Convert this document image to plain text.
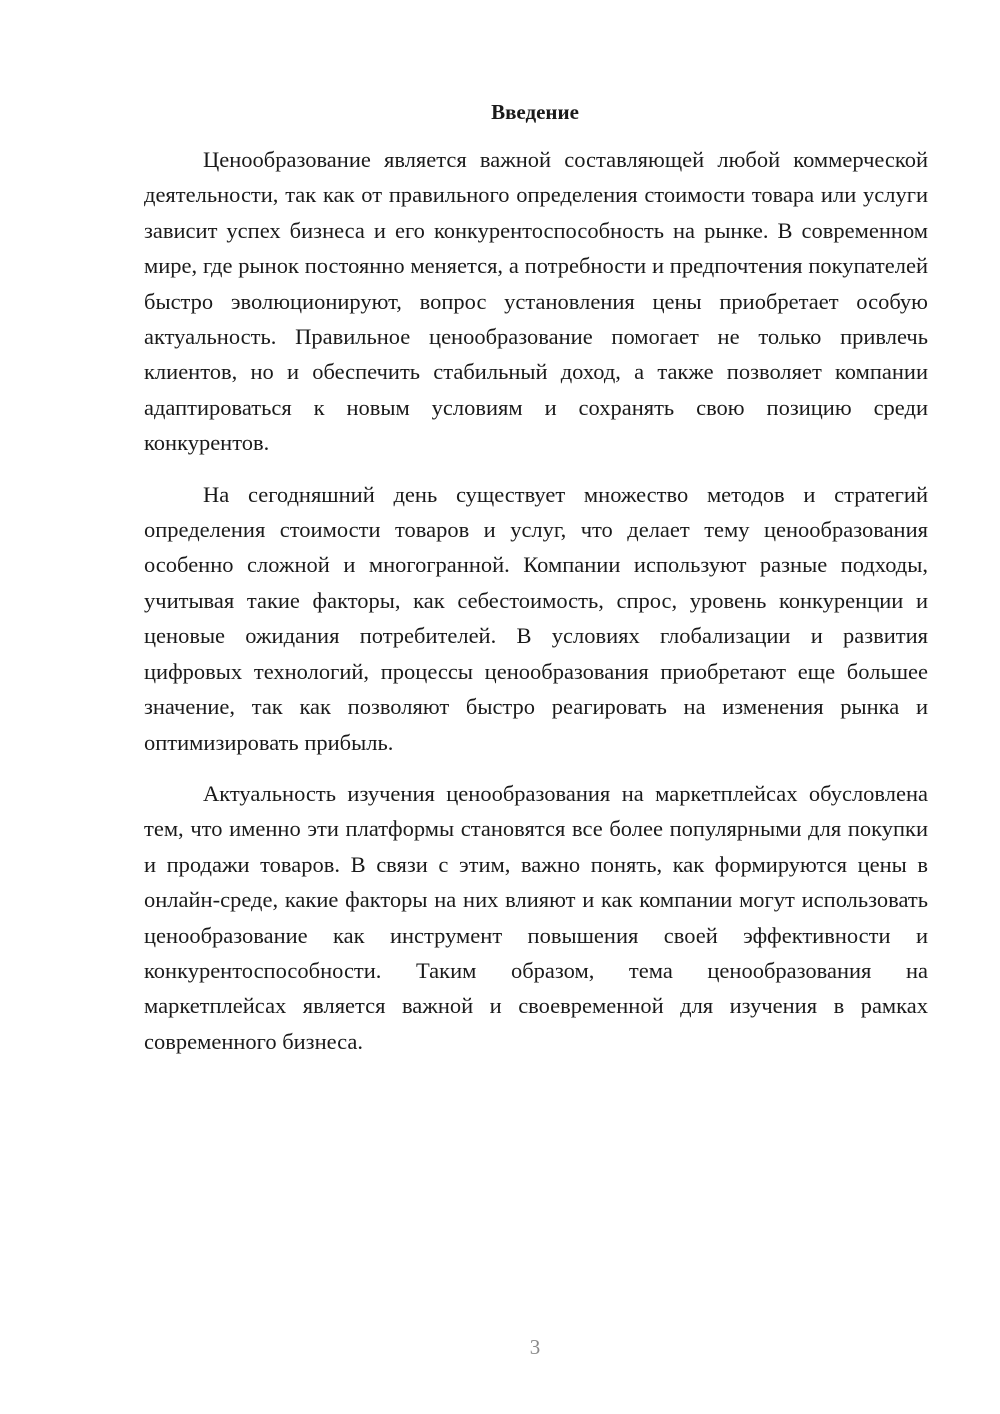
Введение

Ценообразование является важной составляющей любой коммерческой деятельности, так как от правильного определения стоимости товара или услуги зависит успех бизнеса и его конкурентоспособность на рынке. В современном мире, где рынок постоянно меняется, а потребности и предпочтения покупателей быстро эволюционируют, вопрос установления цены приобретает особую актуальность. Правильное ценообразование помогает не только привлечь клиентов, но и обеспечить стабильный доход, а также позволяет компании адаптироваться к новым условиям и сохранять свою позицию среди конкурентов.

На сегодняшний день существует множество методов и стратегий определения стоимости товаров и услуг, что делает тему ценообразования особенно сложной и многогранной. Компании используют разные подходы, учитывая такие факторы, как себестоимость, спрос, уровень конкуренции и ценовые ожидания потребителей. В условиях глобализации и развития цифровых технологий, процессы ценообразования приобретают еще большее значение, так как позволяют быстро реагировать на изменения рынка и оптимизировать прибыль.

Актуальность изучения ценообразования на маркетплейсах обусловлена тем, что именно эти платформы становятся все более популярными для покупки и продажи товаров. В связи с этим, важно понять, как формируются цены в онлайн-среде, какие факторы на них влияют и как компании могут использовать ценообразование как инструмент повышения своей эффективности и конкурентоспособности. Таким образом, тема ценообразования на маркетплейсах является важной и своевременной для изучения в рамках современного бизнеса.

3
